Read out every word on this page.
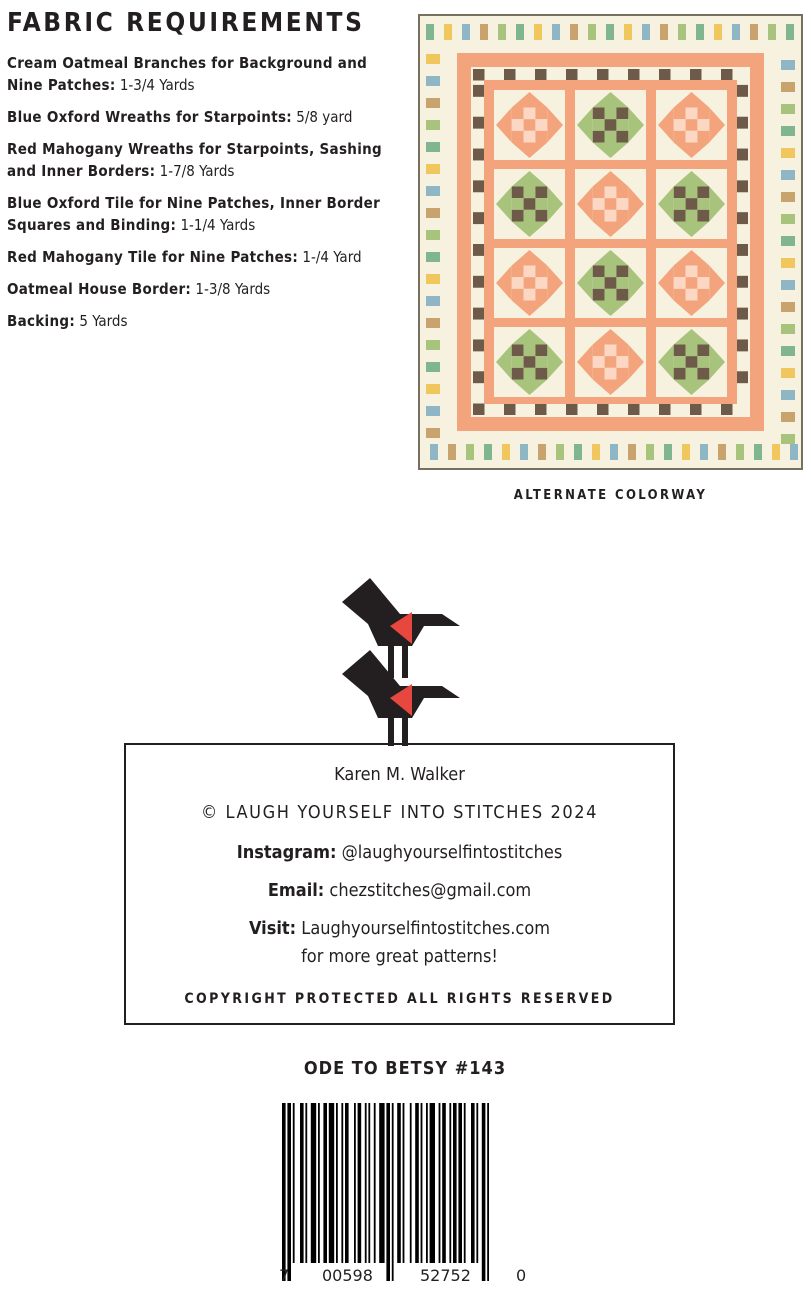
FABRIC REQUIREMENTS

Cream Oatmeal Branches for Background and Nine Patches: 1-3/4 Yards

Blue Oxford Wreaths for Starpoints: 5/8 yard

Red Mahogany Wreaths for Starpoints, Sashing and Inner Borders: 1-7/8 Yards

Blue Oxford Tile for Nine Patches, Inner Border Squares and Binding: 1-1/4 Yards

Red Mahogany Tile for Nine Patches: 1-/4 Yard

Oatmeal House Border: 1-3/8 Yards

Backing: 5 Yards

ALTERNATE COLORWAY

Karen M. Walker

© LAUGH YOURSELF INTO STITCHES 2024

Instagram: @laughyourselfintostitches

Email: chezstitches@gmail.com

Visit: Laughyourselfintostitches.com

for more great patterns!

COPYRIGHT PROTECTED ALL RIGHTS RESERVED

ODE TO BETSY #143

7 00598	52752	0
